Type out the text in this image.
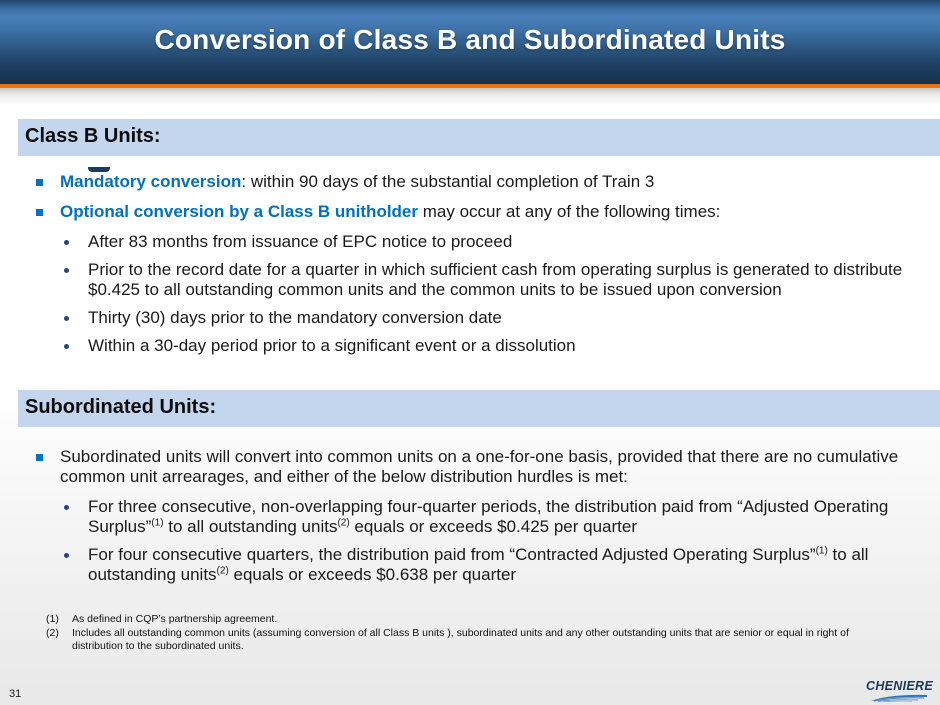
Conversion of Class B and Subordinated Units
Class B Units:
Mandatory conversion: within 90 days of the substantial completion of Train 3
Optional conversion by a Class B unitholder may occur at any of the following times:
After 83 months from issuance of EPC notice to proceed
Prior to the record date for a quarter in which sufficient cash from operating surplus is generated to distribute $0.425 to all outstanding common units and the common units to be issued upon conversion
Thirty (30) days prior to the mandatory conversion date
Within a 30-day period prior to a significant event or a dissolution
Subordinated Units:
Subordinated units will convert into common units on a one-for-one basis, provided that there are no cumulative common unit arrearages, and either of the below distribution hurdles is met:
For three consecutive, non-overlapping four-quarter periods, the distribution paid from “Adjusted Operating Surplus”$^{(1)}$ to all outstanding units$^{(2)}$ equals or exceeds $0.425 per quarter
For four consecutive quarters, the distribution paid from “Contracted Adjusted Operating Surplus”$^{(1)}$ to all outstanding units$^{(2)}$ equals or exceeds $0.638 per quarter
(1)	As defined in CQP’s partnership agreement.
(2)	Includes all outstanding common units (assuming conversion of all Class B units ), subordinated units and any other outstanding units that are senior or equal in right of distribution to the subordinated units.
31
CHENIERE
